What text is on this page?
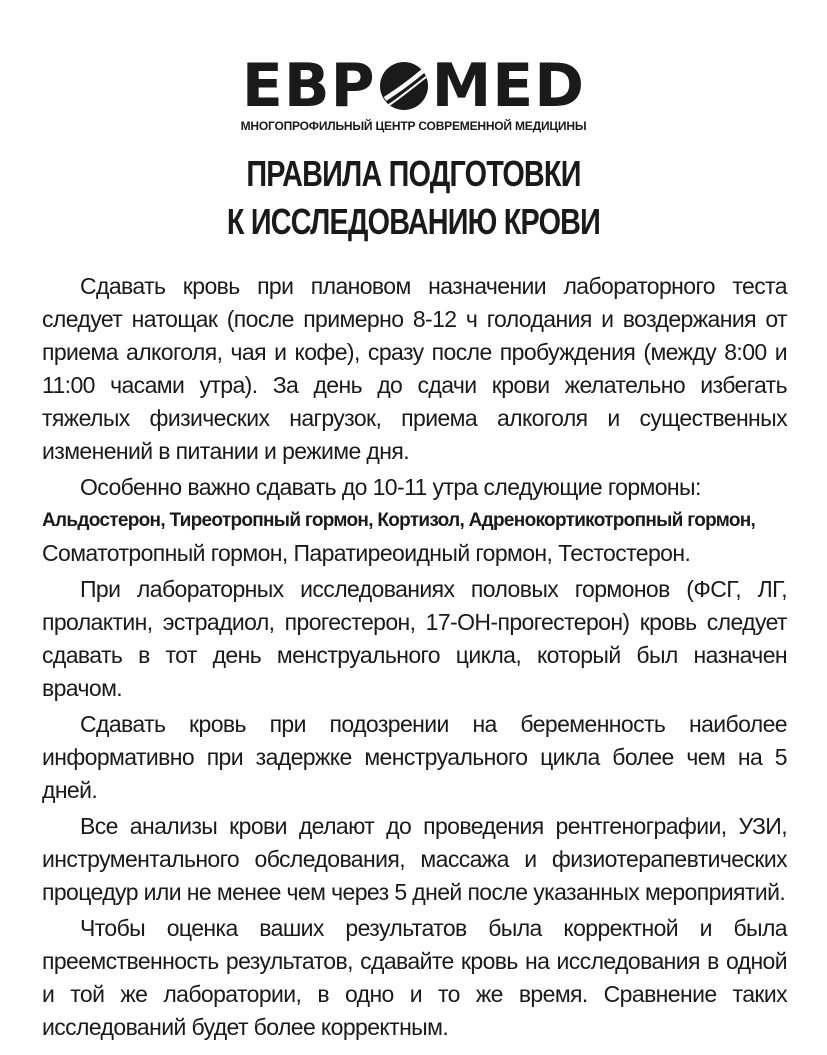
ЕВР MED
МНОГОПРОФИЛЬНЫЙ ЦЕНТР СОВРЕМЕННОЙ МЕДИЦИНЫ
ПРАВИЛА ПОДГОТОВКИ
К ИССЛЕДОВАНИЮ КРОВИ

Сдавать кровь при плановом назначении лабораторного теста следует натощак (после примерно 8-12 ч голодания и воздержания от приема алкоголя, чая и кофе), сразу после пробуждения (между 8:00 и 11:00 часами утра). За день до сдачи крови желательно избегать тяжелых физических нагрузок, приема алкоголя и существенных изменений в питании и режиме дня.

Особенно важно сдавать до 10-11 утра следующие гормоны:
Альдостерон, Тиреотропный гормон, Кортизол, Адренокортикотропный гормон,
Соматотропный гормон, Паратиреоидный гормон, Тестостерон.

При лабораторных исследованиях половых гормонов (ФСГ, ЛГ, пролактин, эстрадиол, прогестерон, 17-ОН-прогестерон) кровь следует сдавать в тот день менструального цикла, который был назначен врачом.

Сдавать кровь при подозрении на беременность наиболее информативно при задержке менструального цикла более чем на 5 дней.

Все анализы крови делают до проведения рентгенографии, УЗИ, инструментального обследования, массажа и физиотерапевтических процедур или не менее чем через 5 дней после указанных мероприятий.

Чтобы оценка ваших результатов была корректной и была преемственность результатов, сдавайте кровь на исследования в одной и той же лаборатории, в одно и то же время. Сравнение таких исследований будет более корректным.
